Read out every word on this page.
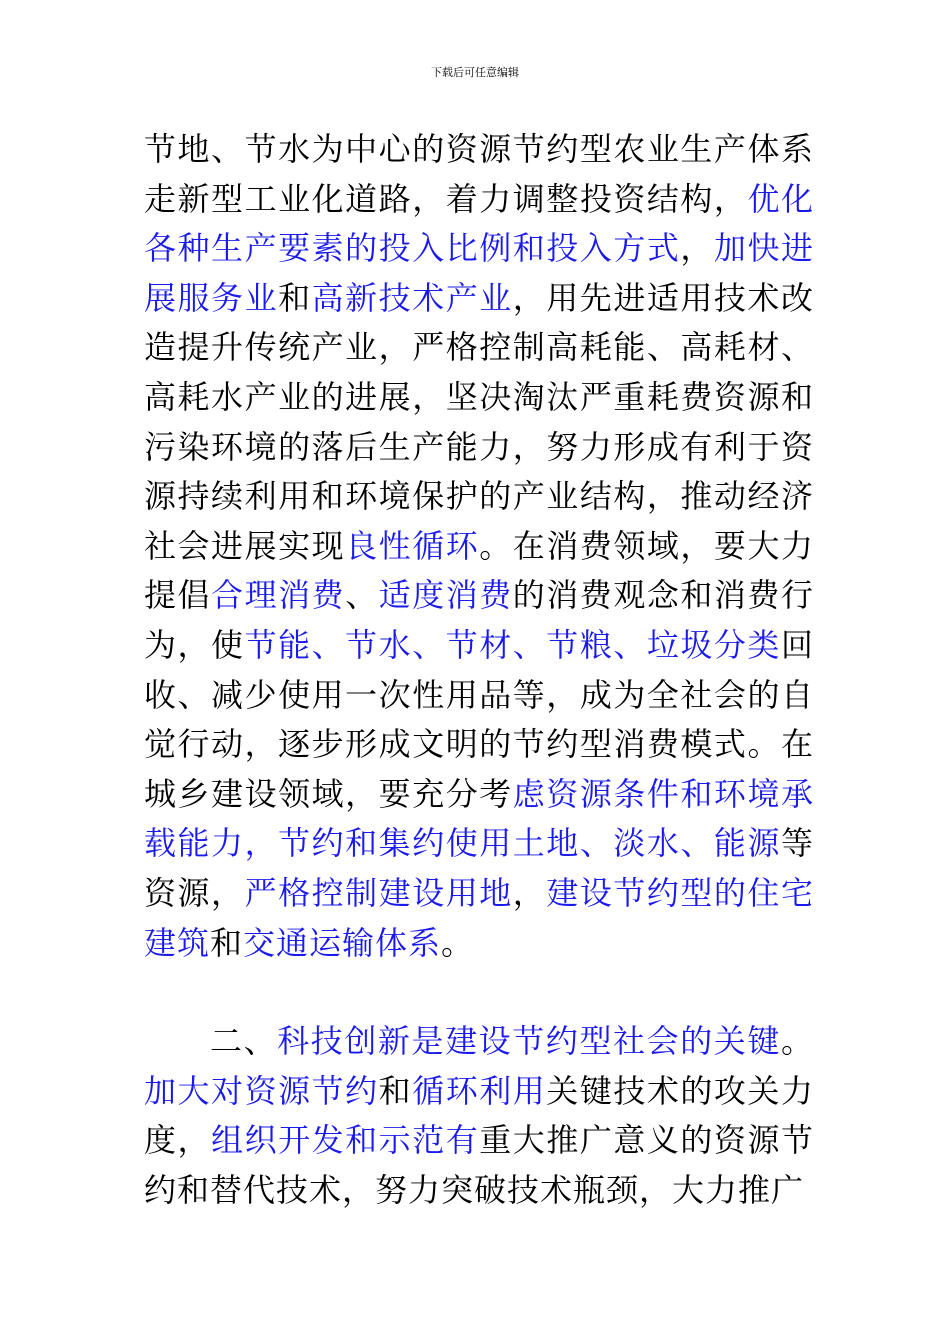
下载后可任意编辑

节地、节水为中心的资源节约型农业生产体系走新型工业化道路，着力调整投资结构，优化各种生产要素的投入比例和投入方式，加快进展服务业和高新技术产业，用先进适用技术改造提升传统产业，严格控制高耗能、高耗材、高耗水产业的进展，坚决淘汰严重耗费资源和污染环境的落后生产能力，努力形成有利于资源持续利用和环境保护的产业结构，推动经济社会进展实现良性循环。在消费领域，要大力提倡合理消费、适度消费的消费观念和消费行为，使节能、节水、节材、节粮、垃圾分类回收、减少使用一次性用品等，成为全社会的自觉行动，逐步形成文明的节约型消费模式。在城乡建设领域，要充分考虑资源条件和环境承载能力，节约和集约使用土地、淡水、能源等资源，严格控制建设用地，建设节约型的住宅建筑和交通运输体系。

二、科技创新是建设节约型社会的关键。加大对资源节约和循环利用关键技术的攻关力度，组织开发和示范有重大推广意义的资源节约和替代技术，努力突破技术瓶颈，大力推广
